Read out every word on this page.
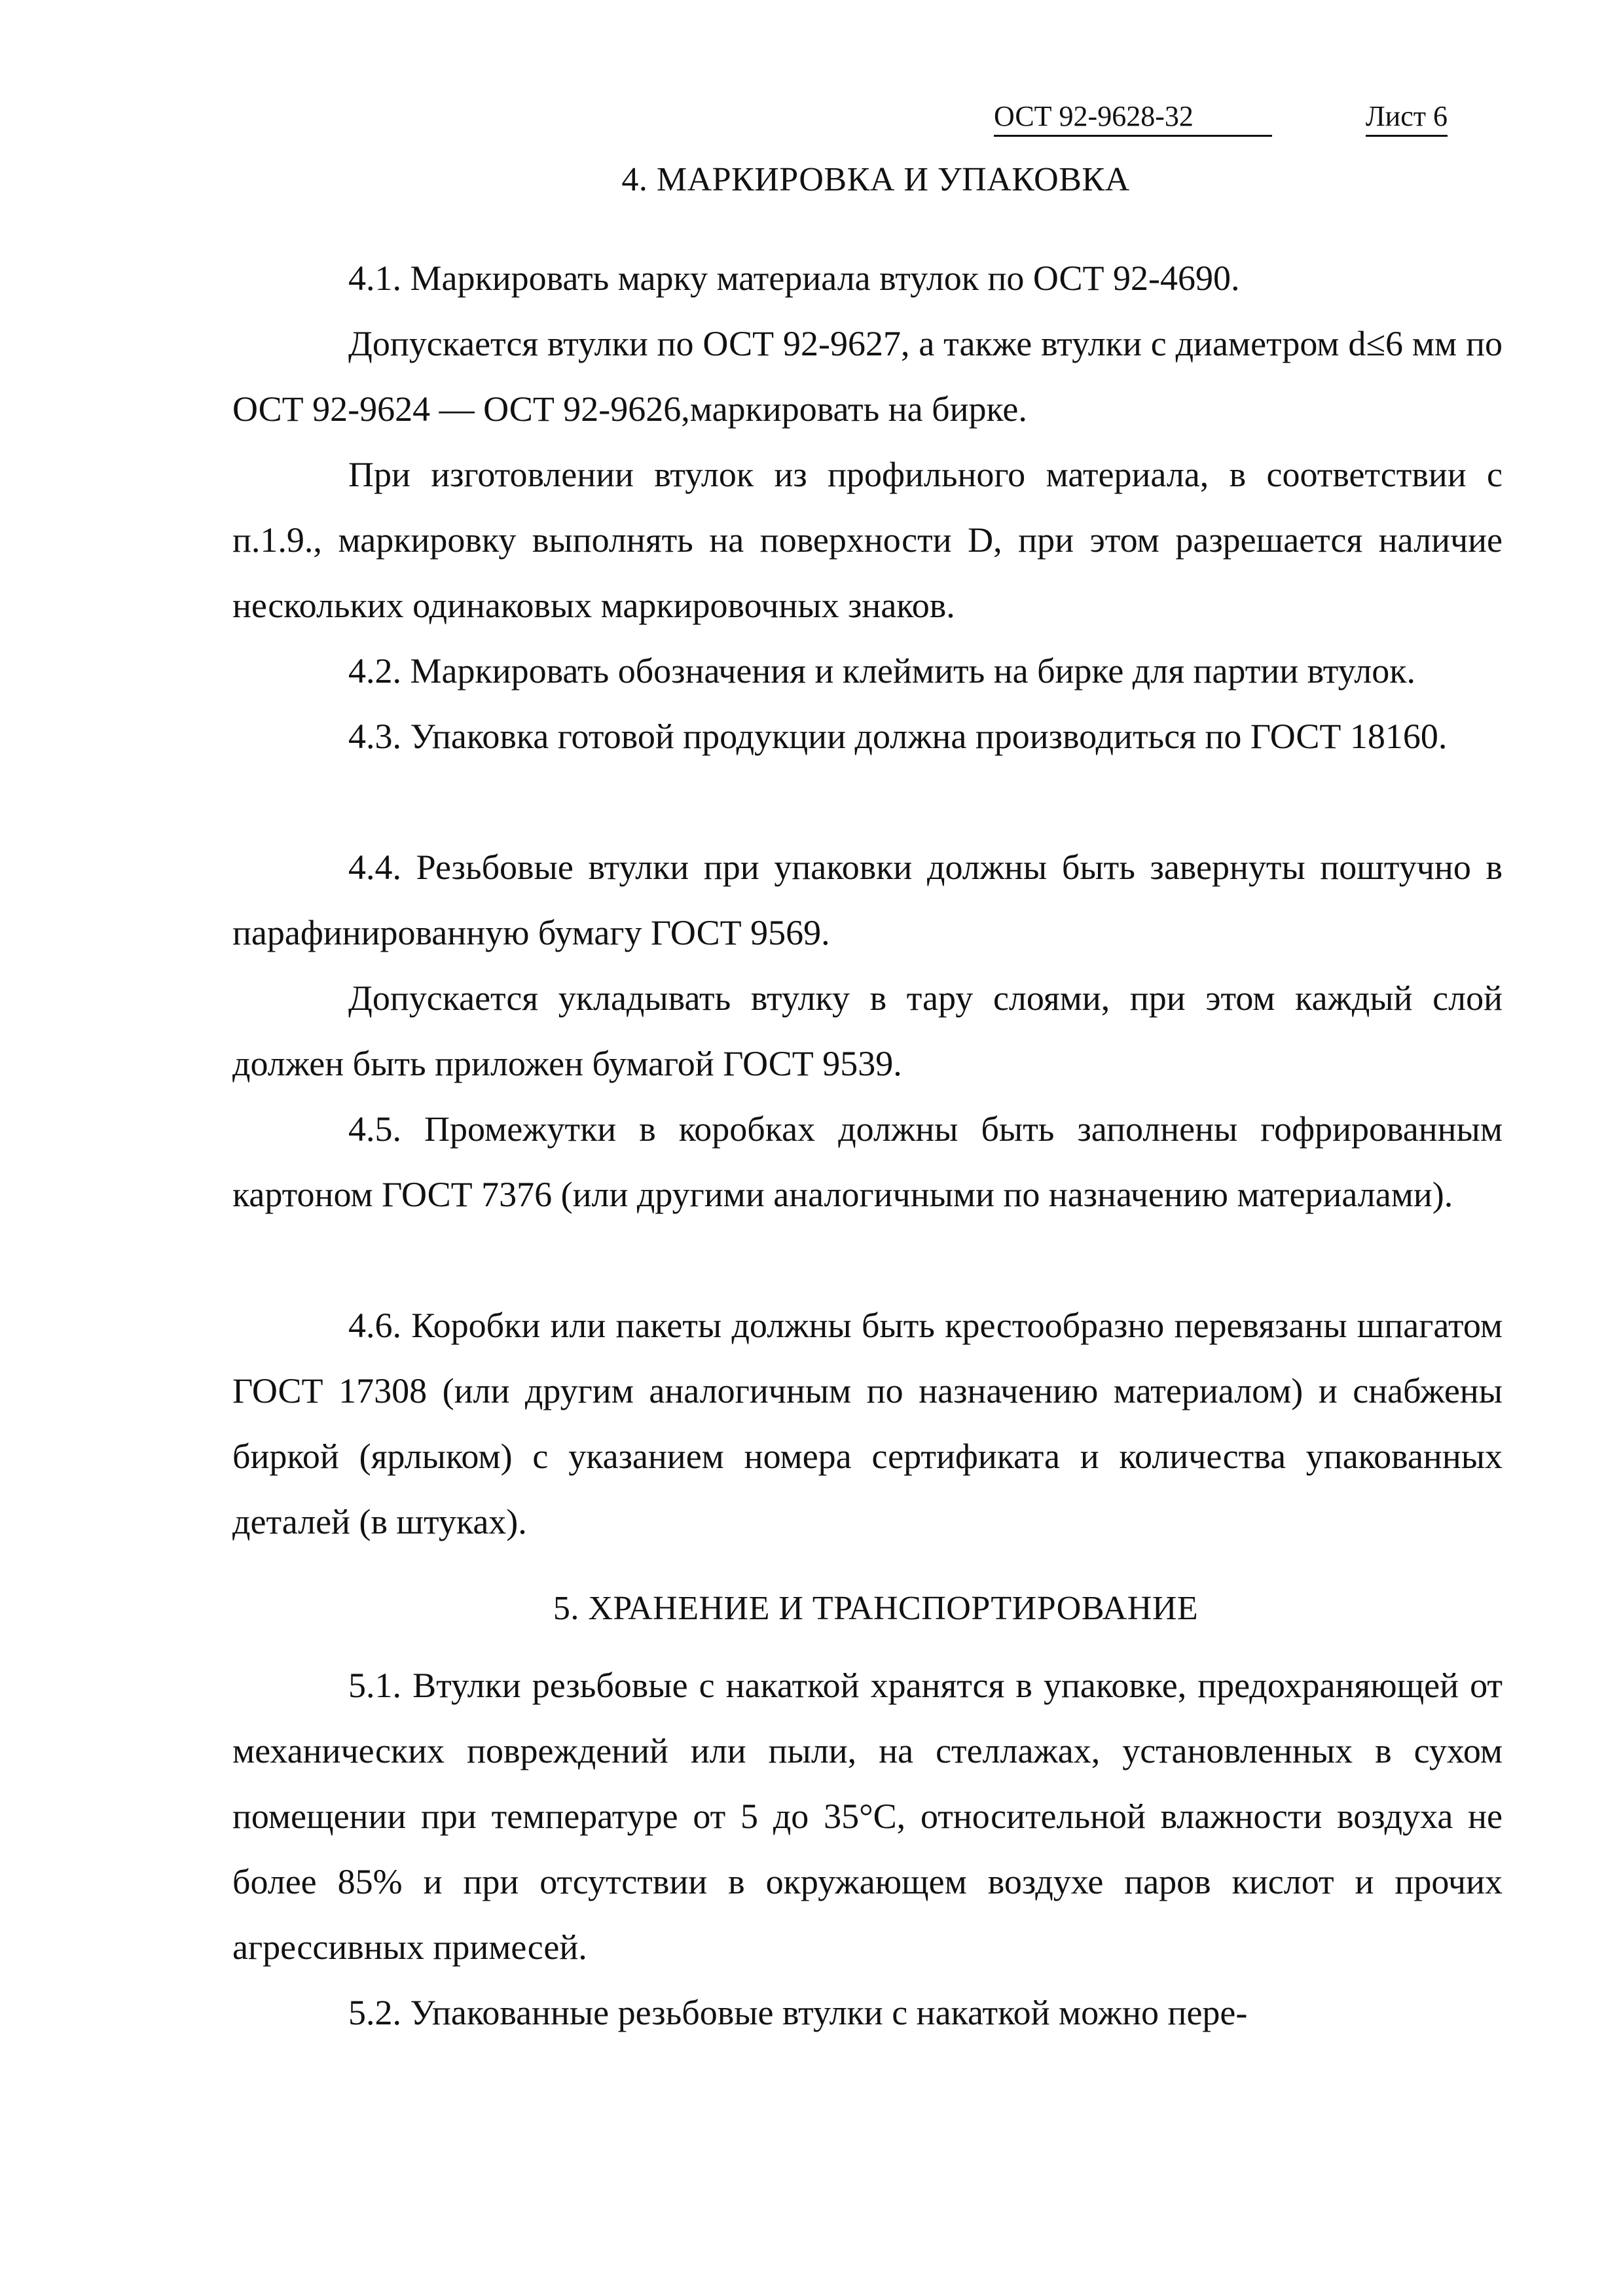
ОСТ 92-9628-32	Лист 6
4. МАРКИРОВКА И УПАКОВКА

4.1. Маркировать марку материала втулок по ОСТ 92-4690.

Допускается втулки по ОСТ 92-9627, а также втулки с диаметром d≤6 мм по ОСТ 92-9624 — ОСТ 92-9626,маркировать на бирке.

При изготовлении втулок из профильного материала, в соответствии с п.1.9., маркировку выполнять на поверхности D, при этом разрешается наличие нескольких одинаковых маркировочных знаков.

4.2. Маркировать обозначения и клеймить на бирке для партии втулок.

4.3. Упаковка готовой продукции должна производиться по ГОСТ 18160.

4.4. Резьбовые втулки при упаковки должны быть завернуты поштучно в парафинированную бумагу ГОСТ 9569.

Допускается укладывать втулку в тару слоями, при этом каждый слой должен быть приложен бумагой ГОСТ 9539.

4.5. Промежутки в коробках должны быть заполнены гофрированным картоном ГОСТ 7376 (или другими аналогичными по назначению материалами).

4.6. Коробки или пакеты должны быть крестообразно перевязаны шпагатом ГОСТ 17308 (или другим аналогичным по назначению материалом) и снабжены биркой (ярлыком) с указанием номера сертификата и количества упакованных деталей (в штуках).

5. ХРАНЕНИЕ И ТРАНСПОРТИРОВАНИЕ

5.1. Втулки резьбовые с накаткой хранятся в упаковке, предохраняющей от механических повреждений или пыли, на стеллажах, установленных в сухом помещении при температуре от 5 до 35°С, относительной влажности воздуха не более 85% и при отсутствии в окружающем воздухе паров кислот и прочих агрессивных примесей.

5.2. Упакованные резьбовые втулки с накаткой можно пере-
